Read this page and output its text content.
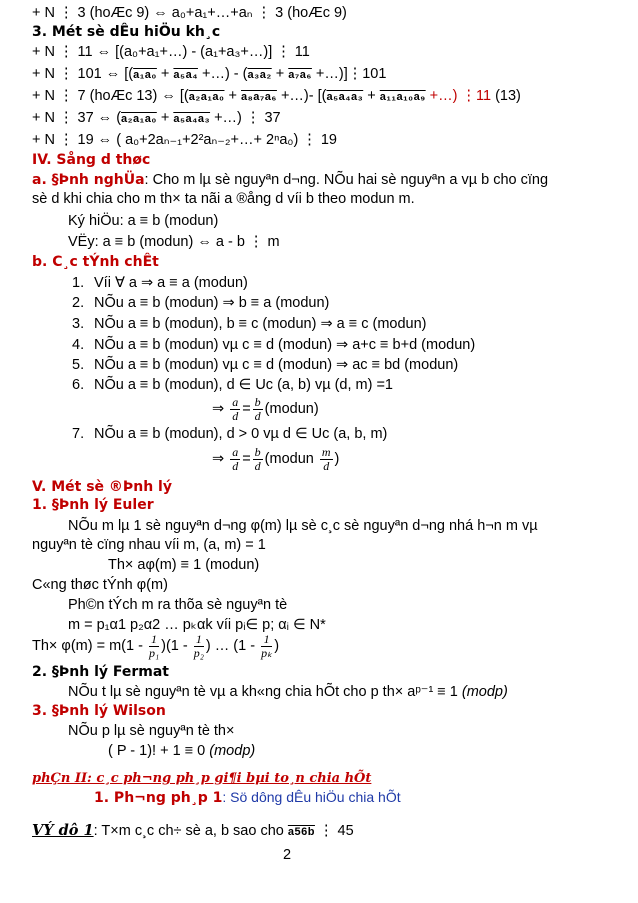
+ N ⋮ 3 (hoÆc 9) ⇔ a₀+a₁+…+aₙ ⋮ 3 (hoÆc 9)
3. Mét sè dÊu hiÖu kh¸c
+ N ⋮ 11 ⇔ [(a₀+a₁+…) - (a₁+a₃+…)] ⋮ 11
+ N ⋮ 101 ⇔ [(a₁a₀ + a₅a₄ +…) - (a₃a₂ + a₇a₆ +…)]⋮101
+ N ⋮ 7 (hoÆc 13) ⇔ [(a₂a₁a₀ + a₈a₇a₆ +…)- [(a₅a₄a₃ + a₁₁a₁₀a₉ +…) ⋮11 (13)
+ N ⋮ 37 ⇔ (a₂a₁a₀ + a₅a₄a₃ +…) ⋮ 37
+ N ⋮ 19 ⇔ ( a₀+2aₙ₋₁+2²aₙ₋₂+…+ 2ⁿa₀) ⋮ 19
IV. Sång d thøc
a. §Þnh nghÜa: Cho m lµ sè nguyªn d¬ng. NÕu hai sè nguyªn a vµ b cho cïng
sè d khi chia cho m th× ta nãi a ®ång d víi b theo modun m.
Ký hiÖu: a ≡ b (modun)
VËy: a ≡ b (modun) ⇔ a - b ⋮ m
b. C¸c tÝnh chÊt
1. Víi ∀ a ⇒ a ≡ a (modun)
2. NÕu a ≡ b (modun) ⇒ b ≡ a (modun)
3. NÕu a ≡ b (modun), b ≡ c (modun) ⇒ a ≡ c (modun)
4. NÕu a ≡ b (modun) vµ c ≡ d (modun) ⇒ a+c ≡ b+d (modun)
5. NÕu a ≡ b (modun) vµ c ≡ d (modun) ⇒ ac ≡ bd (modun)
6. NÕu a ≡ b (modun), d ∈ Uc (a, b) vµ (d, m) =1
⇒ $\frac{a}{d} = \frac{b}{d}$ (modun)
7. NÕu a ≡ b (modun), d > 0 vµ d ∈ Uc (a, b, m)
⇒ $\frac{a}{d} = \frac{b}{d}$ (modun $\frac{m}{d}$ )
V. Mét sè ®Þnh lý
1. §Þnh lý Euler
NÕu m lµ 1 sè nguyªn d¬ng φ(m) lµ sè c¸c sè nguyªn d¬ng nhá h¬n m vµ
nguyªn tè cïng nhau víi m, (a, m) = 1
Th× aφ(m) ≡ 1 (modun)
C«ng thøc tÝnh φ(m)
Ph©n tÝch m ra thõa sè nguyªn tè
m = p₁α1 p₂α2 … pₖαk víi pᵢ∈ p; αᵢ ∈ N*
$Th\times \varphi(m) = m(1 - \frac{1}{\text{p₁}} )(1 - \frac{1}{\text{p₂}}$ ) … ($1 - \frac{1}{\text{pₖ}}$ )
2. §Þnh lý Fermat
NÕu t lµ sè nguyªn tè vµ a kh«ng chia hÕt cho p th× aᵖ⁻¹ ≡ 1 (modp)
3. §Þnh lý Wilson
NÕu p lµ sè nguyªn tè th×
( P - 1)! + 1 ≡ 0 (modp)
phÇn II: c¸c ph¬ng ph¸p gi¶i bµi to¸n chia hÕt
1. Ph¬ng ph¸p 1: Sö dông dÊu hiÖu chia hÕt
VÝ dô 1: T×m c¸c ch÷ sè a, b sao cho a56b ⋮ 45
2
